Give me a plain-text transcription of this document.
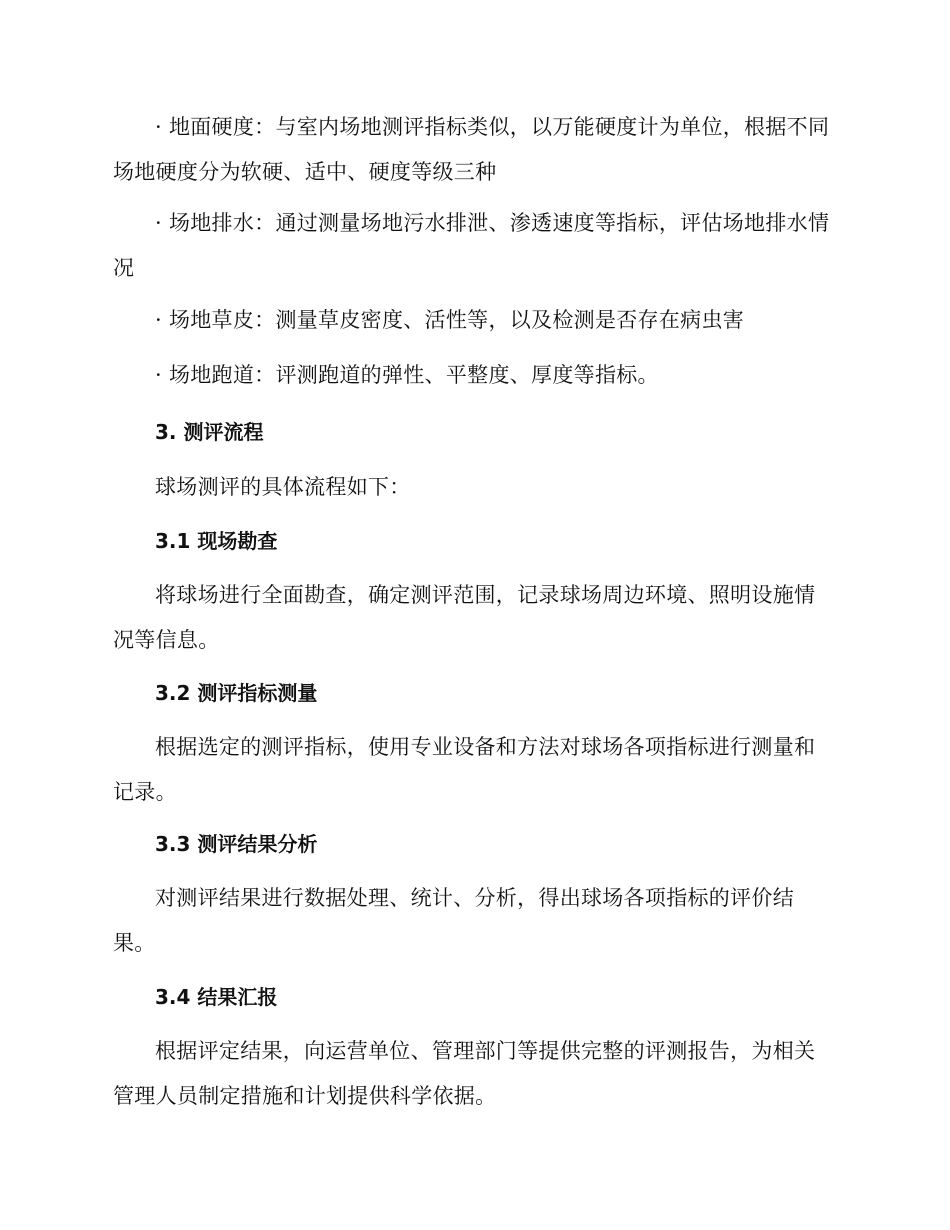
· 地面硬度：与室内场地测评指标类似，以万能硬度计为单位，根据不同场地硬度分为软硬、适中、硬度等级三种

· 场地排水：通过测量场地污水排泄、渗透速度等指标，评估场地排水情况

· 场地草皮：测量草皮密度、活性等，以及检测是否存在病虫害

· 场地跑道：评测跑道的弹性、平整度、厚度等指标。

3. 测评流程

球场测评的具体流程如下：

3.1 现场勘查

将球场进行全面勘查，确定测评范围，记录球场周边环境、照明设施情况等信息。

3.2 测评指标测量

根据选定的测评指标，使用专业设备和方法对球场各项指标进行测量和记录。

3.3 测评结果分析

对测评结果进行数据处理、统计、分析，得出球场各项指标的评价结果。

3.4 结果汇报

根据评定结果，向运营单位、管理部门等提供完整的评测报告，为相关管理人员制定措施和计划提供科学依据。
